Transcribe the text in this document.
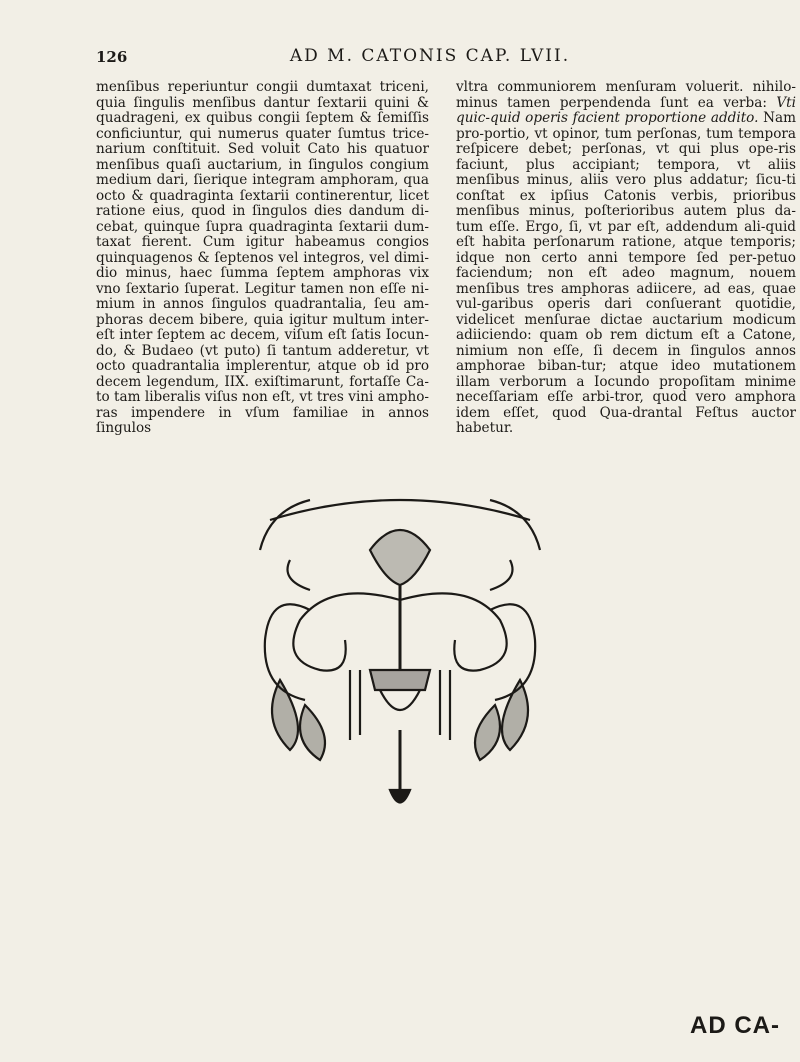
126	AD M. CATONIS CAP. LVII.

menſibus reperiuntur congii dumtaxat triceni, quia ſingulis menſibus dantur ſextarii quini & quadrageni, ex quibus congii ſeptem & ſemiſſis conficiuntur, qui numerus quater ſumtus trice-narium conſtituit. Sed voluit Cato his quatuor menſibus quaſi auctarium, in ſingulos congium medium dari, ſierique integram amphoram, qua octo & quadraginta ſextarii continerentur, licet ratione eius, quod in ſingulos dies dandum di-cebat, quinque ſupra quadraginta ſextarii dum-taxat fierent. Cum igitur habeamus congios quinquagenos & ſeptenos vel integros, vel dimi-dio minus, haec ſumma ſeptem amphoras vix vno ſextario ſuperat. Legitur tamen non eſſe ni-mium in annos ſingulos quadrantalia, ſeu am-phoras decem bibere, quia igitur multum inter-eſt inter ſeptem ac decem, viſum eſt ſatis Iocun-do, & Budaeo (vt puto) ſi tantum adderetur, vt octo quadrantalia implerentur, atque ob id pro decem legendum, IIX. exiſtimarunt, fortaſſe Ca-to tam liberalis viſus non eſt, vt tres vini ampho-ras impendere in vſum familiae in annos ſingulos

vltra communiorem menſuram voluerit. nihilo-minus tamen perpendenda ſunt ea verba: Vti quic-quid operis facient proportione addito. Nam pro-portio, vt opinor, tum perſonas, tum tempora reſpicere debet; perſonas, vt qui plus ope-ris faciunt, plus accipiant; tempora, vt aliis menſibus minus, aliis vero plus addatur; ſicu-ti conſtat ex ipſius Catonis verbis, prioribus menſibus minus, poſterioribus autem plus da-tum eſſe. Ergo, ſi, vt par eſt, addendum ali-quid eſt habita perſonarum ratione, atque temporis; idque non certo anni tempore ſed per-petuo faciendum; non eſt adeo magnum, nouem menſibus tres amphoras adiicere, ad eas, quae vul-garibus operis dari conſuerant quotidie, videlicet menſurae dictae auctarium modicum adiiciendo: quam ob rem dictum eſt a Catone, nimium non eſſe, ſi decem in ſingulos annos amphorae biban-tur; atque ideo mutationem illam verborum a Iocundo propoſitam minime neceſſariam eſſe arbi-tror, quod vero amphora idem eſſet, quod Qua-drantal Feſtus auctor habetur.

AD CA-
